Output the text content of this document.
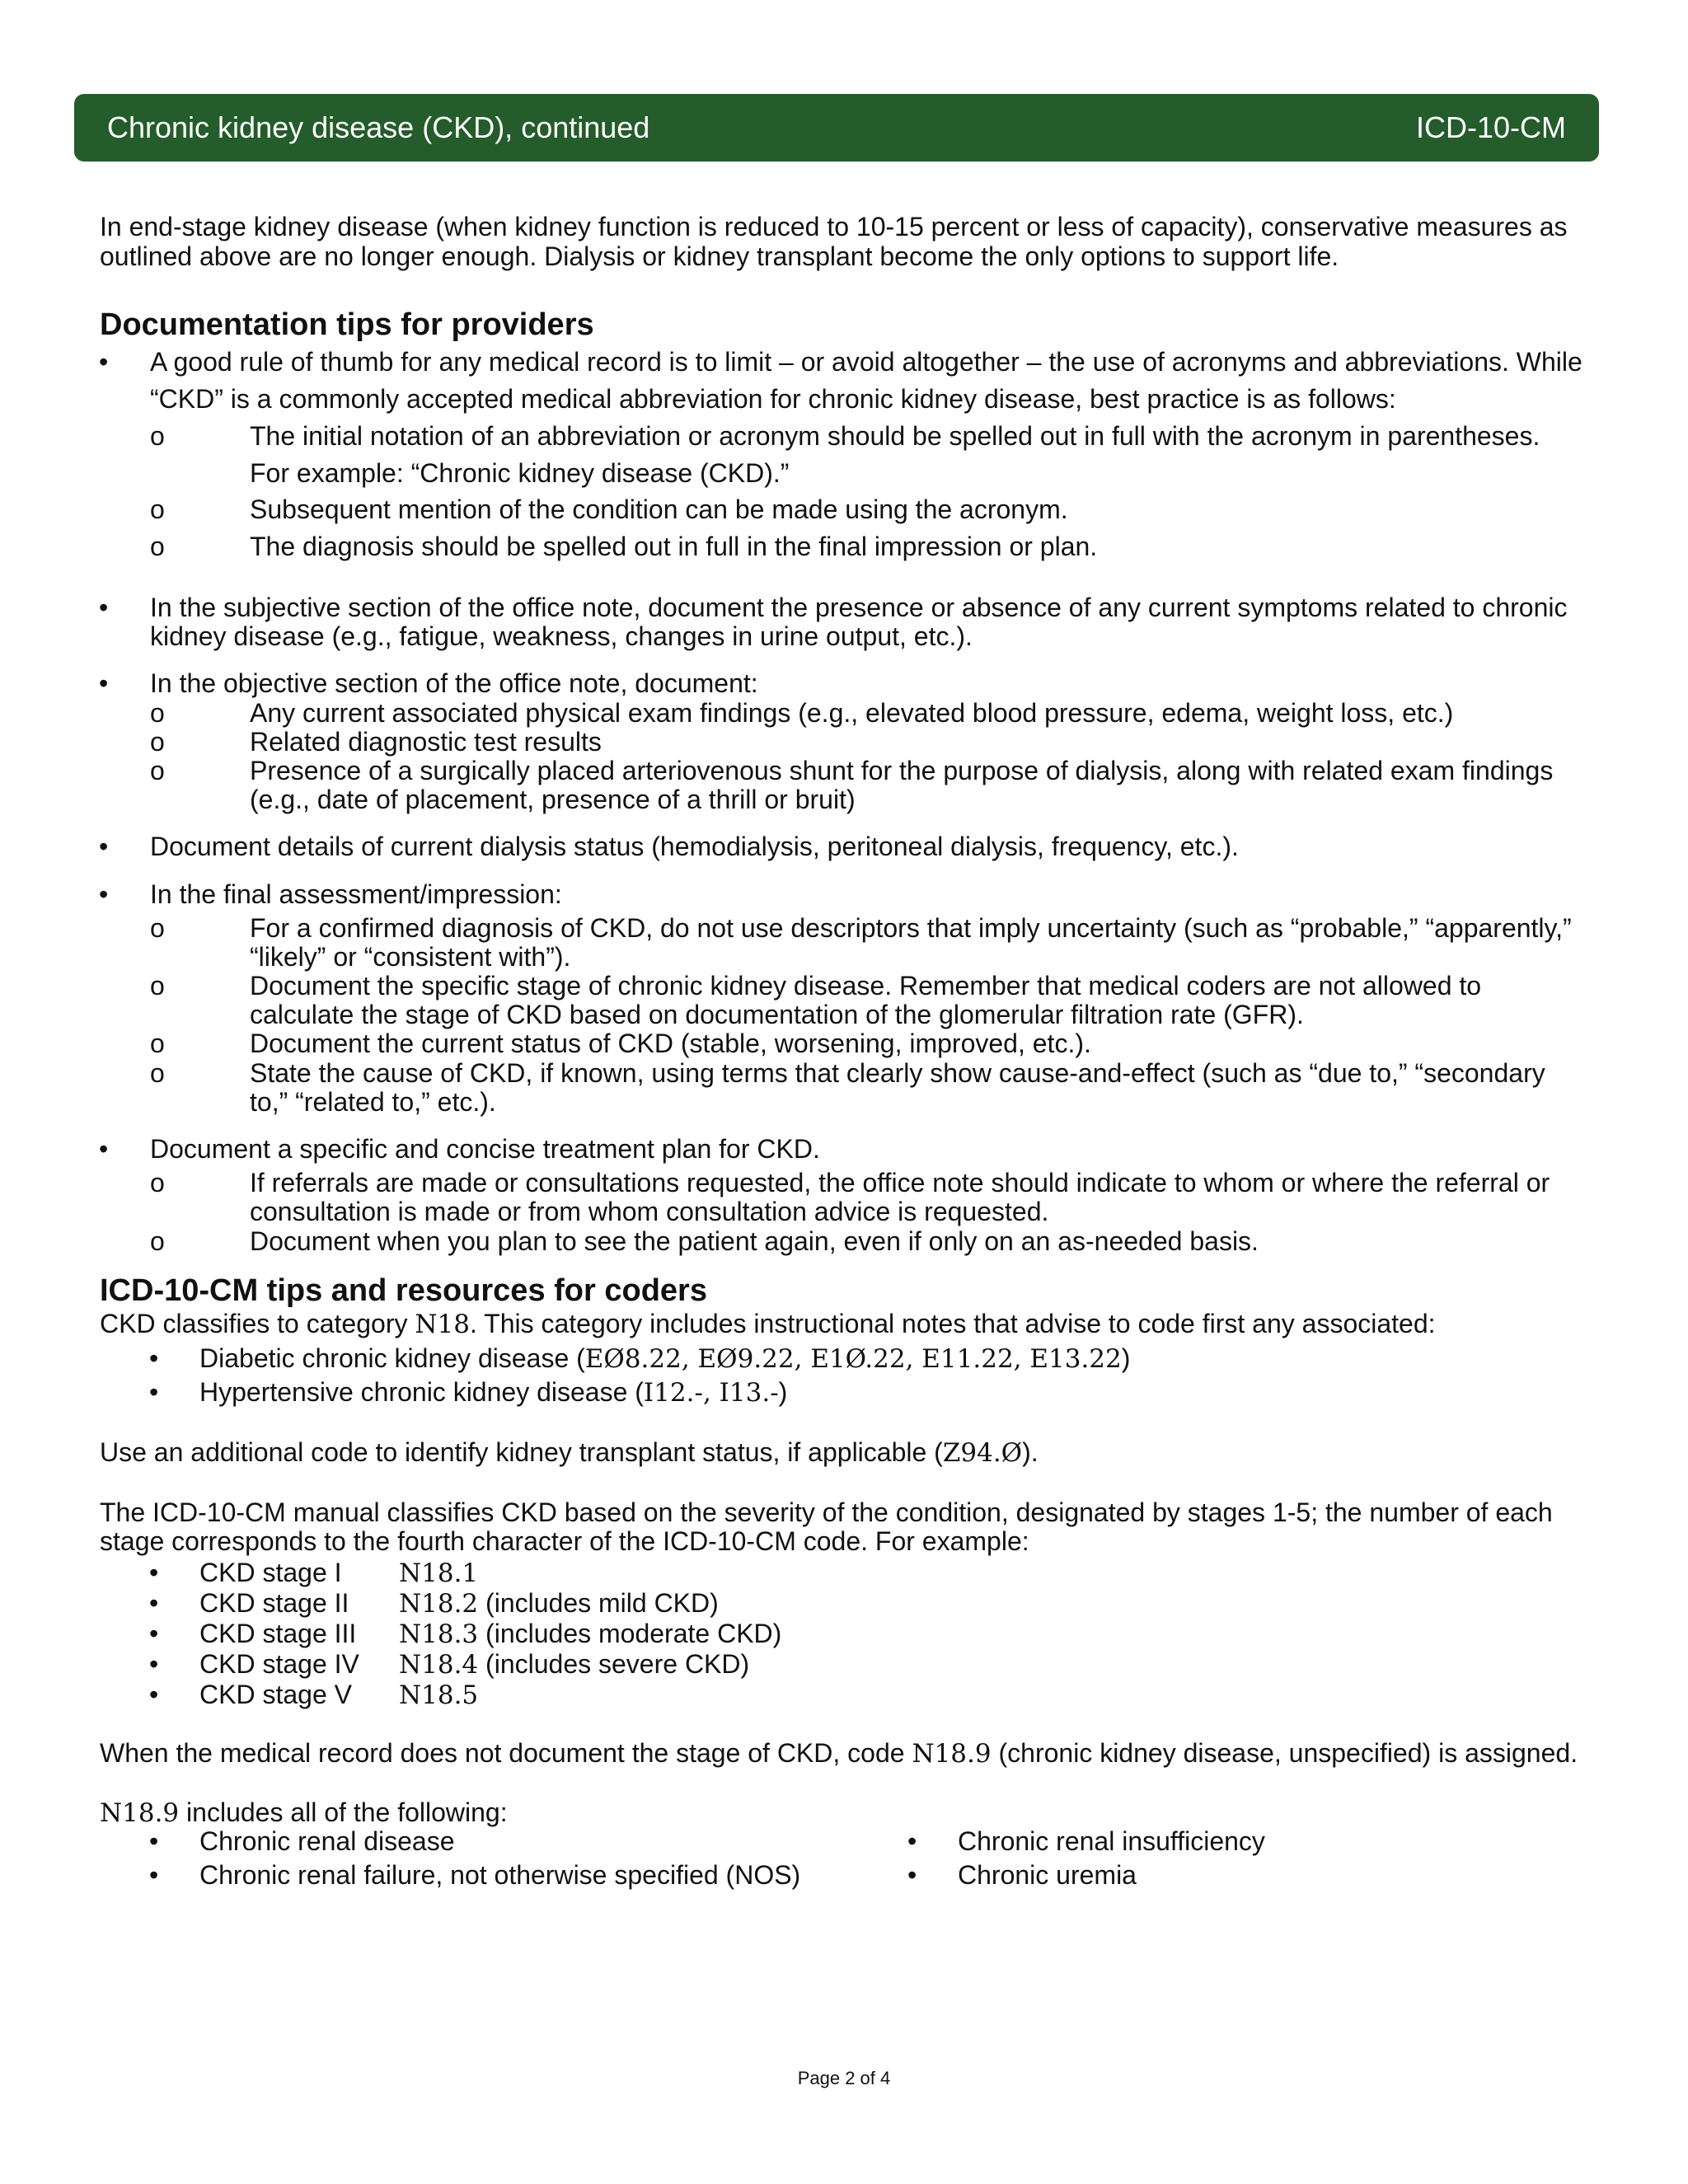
Chronic kidney disease (CKD), continued	ICD-10-CM

In end-stage kidney disease (when kidney function is reduced to 10-15 percent or less of capacity), conservative measures as outlined above are no longer enough. Dialysis or kidney transplant become the only options to support life.

Documentation tips for providers
• A good rule of thumb for any medical record is to limit – or avoid altogether – the use of acronyms and abbreviations. While “CKD” is a commonly accepted medical abbreviation for chronic kidney disease, best practice is as follows:
o The initial notation of an abbreviation or acronym should be spelled out in full with the acronym in parentheses. For example: “Chronic kidney disease (CKD).”
o Subsequent mention of the condition can be made using the acronym.
o The diagnosis should be spelled out in full in the final impression or plan.
• In the subjective section of the office note, document the presence or absence of any current symptoms related to chronic kidney disease (e.g., fatigue, weakness, changes in urine output, etc.).
• In the objective section of the office note, document:
o Any current associated physical exam findings (e.g., elevated blood pressure, edema, weight loss, etc.)
o Related diagnostic test results
o Presence of a surgically placed arteriovenous shunt for the purpose of dialysis, along with related exam findings (e.g., date of placement, presence of a thrill or bruit)
• Document details of current dialysis status (hemodialysis, peritoneal dialysis, frequency, etc.).
• In the final assessment/impression:
o For a confirmed diagnosis of CKD, do not use descriptors that imply uncertainty (such as “probable,” “apparently,” “likely” or “consistent with”).
o Document the specific stage of chronic kidney disease. Remember that medical coders are not allowed to calculate the stage of CKD based on documentation of the glomerular filtration rate (GFR).
o Document the current status of CKD (stable, worsening, improved, etc.).
o State the cause of CKD, if known, using terms that clearly show cause-and-effect (such as “due to,” “secondary to,” “related to,” etc.).
• Document a specific and concise treatment plan for CKD.
o If referrals are made or consultations requested, the office note should indicate to whom or where the referral or consultation is made or from whom consultation advice is requested.
o Document when you plan to see the patient again, even if only on an as-needed basis.
ICD-10-CM tips and resources for coders

CKD classifies to category N18. This category includes instructional notes that advise to code first any associated:

• Diabetic chronic kidney disease (EØ8.22, EØ9.22, E1Ø.22, E11.22, E13.22)
• Hypertensive chronic kidney disease (I12.-, I13.-)

Use an additional code to identify kidney transplant status, if applicable (Z94.Ø).

The ICD-10-CM manual classifies CKD based on the severity of the condition, designated by stages 1-5; the number of each stage corresponds to the fourth character of the ICD-10-CM code. For example:

• CKD stage I N18.1
• CKD stage II N18.2 (includes mild CKD)
• CKD stage III N18.3 (includes moderate CKD)
• CKD stage IV N18.4 (includes severe CKD)
• CKD stage V N18.5

When the medical record does not document the stage of CKD, code N18.9 (chronic kidney disease, unspecified) is assigned.

N18.9 includes all of the following:

• Chronic renal disease
• Chronic renal failure, not otherwise specified (NOS)
• Chronic renal insufficiency
• Chronic uremia
Page 2 of 4
